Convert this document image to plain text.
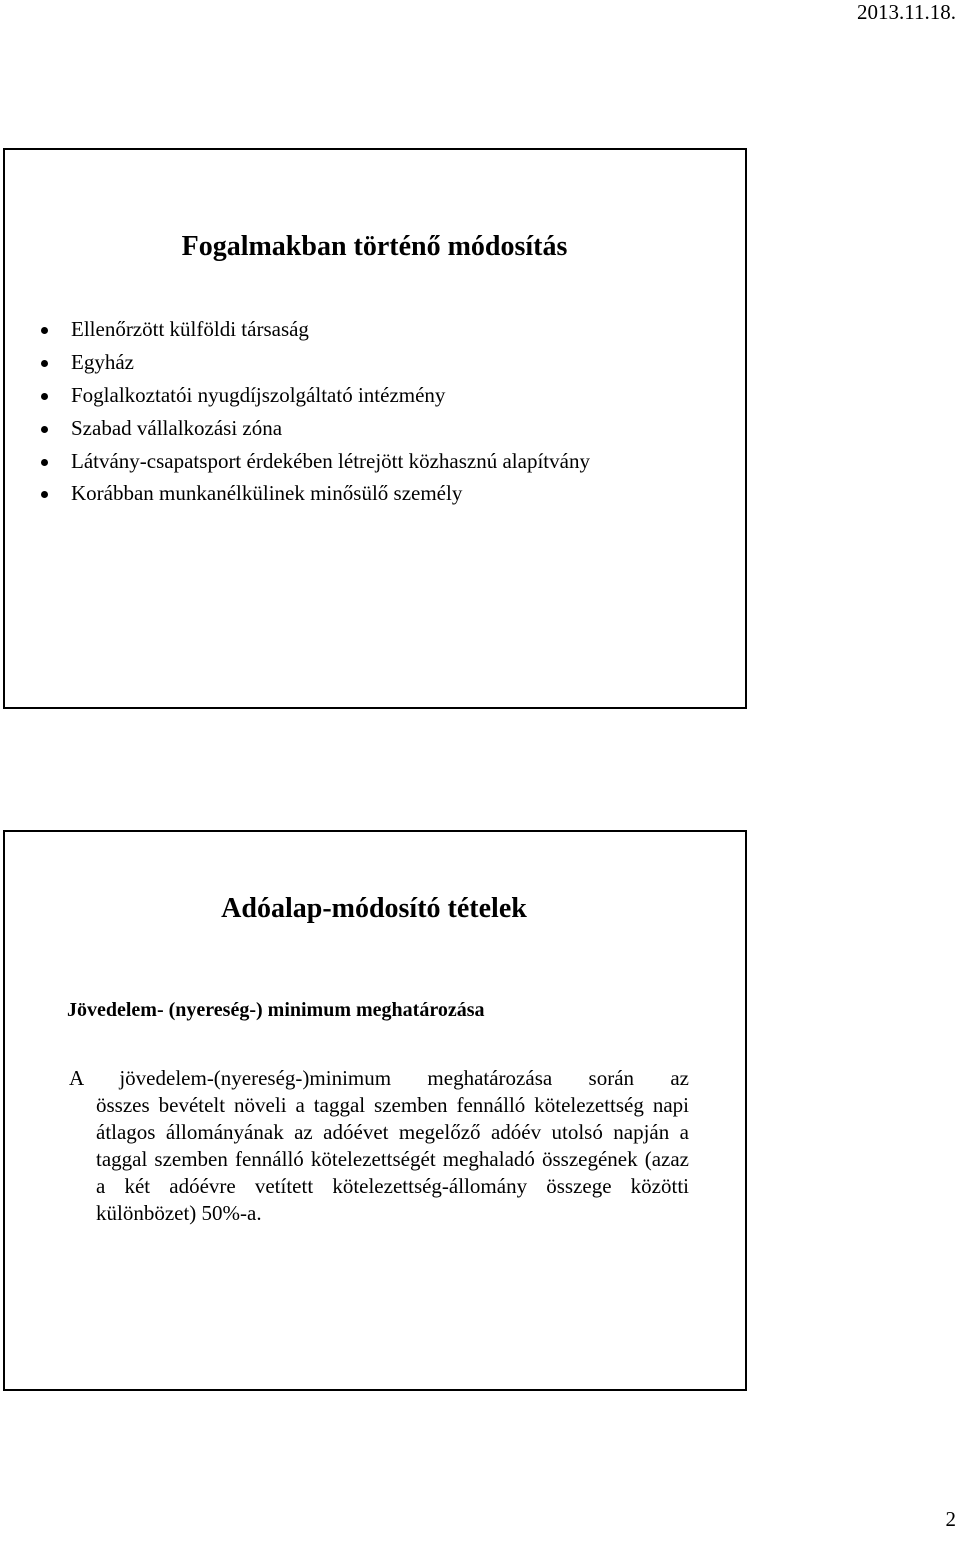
2013.11.18.
Fogalmakban történő módosítás
Ellenőrzött külföldi társaság
Egyház
Foglalkoztatói nyugdíjszolgáltató intézmény
Szabad vállalkozási zóna
Látvány-csapatsport érdekében létrejött közhasznú alapítvány
Korábban munkanélkülinek minősülő személy
Adóalap-módosító tételek
Jövedelem- (nyereség-) minimum meghatározása
A jövedelem-(nyereség-)minimum meghatározása során az
összes bevételt növeli a taggal szemben fennálló kötelezettség napi átlagos állományának az adóévet megelőző adóév utolsó napján a taggal szemben fennálló kötelezettségét meghaladó összegének (azaz a két adóévre vetített kötelezettség-állomány összege közötti különbözet) 50%-a.
2
